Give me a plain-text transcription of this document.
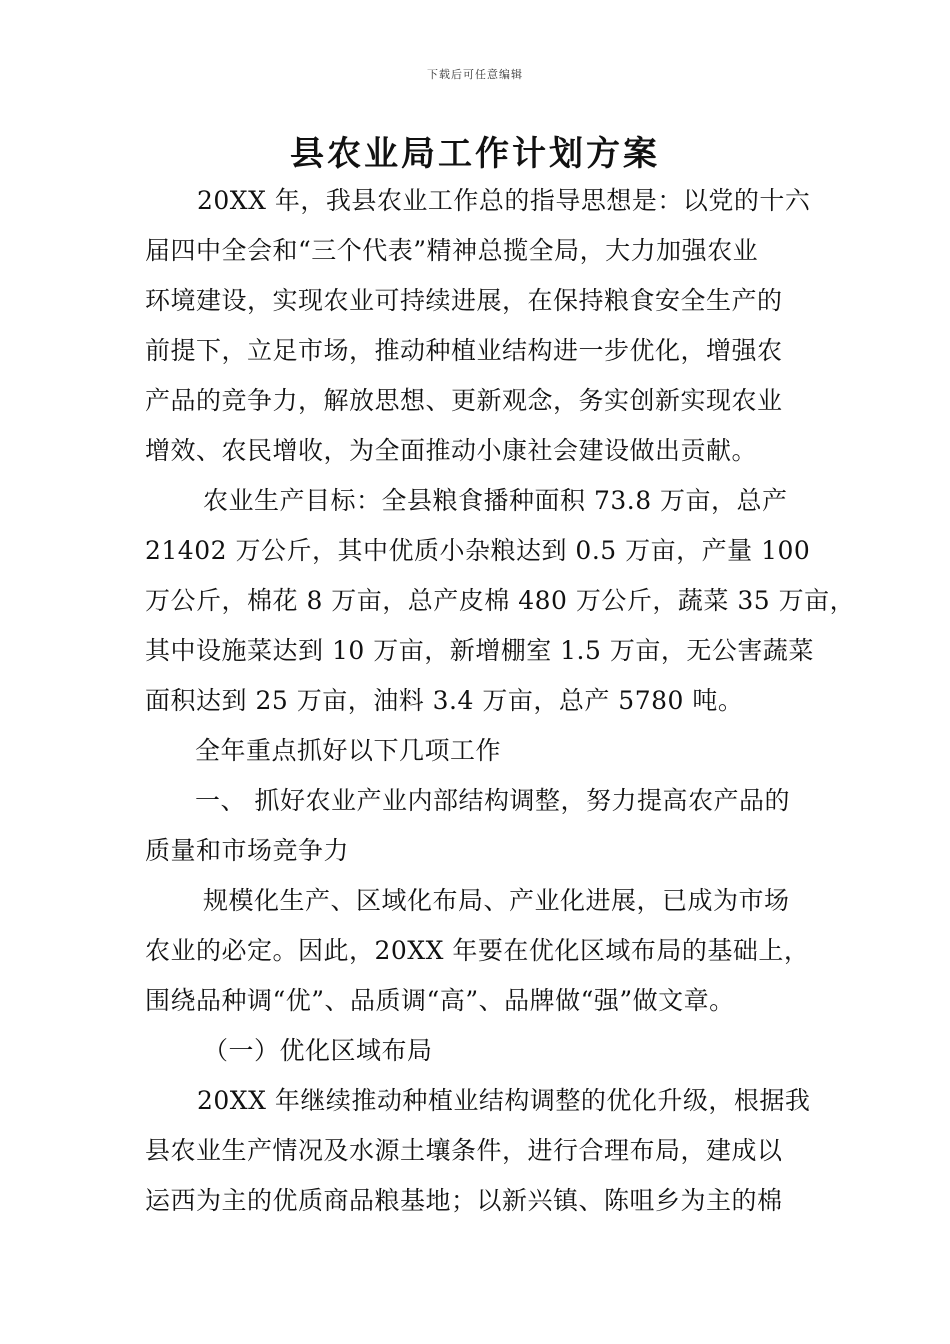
下载后可任意编辑
县农业局工作计划方案
20XX 年，我县农业工作总的指导思想是：以党的十六
届四中全会和“三个代表”精神总揽全局，大力加强农业
环境建设，实现农业可持续进展，在保持粮食安全生产的
前提下，立足市场，推动种植业结构进一步优化，增强农
产品的竞争力，解放思想、更新观念，务实创新实现农业
增效、农民增收，为全面推动小康社会建设做出贡献。
农业生产目标：全县粮食播种面积 73.8 万亩，总产
21402 万公斤，其中优质小杂粮达到 0.5 万亩，产量 100
万公斤，棉花 8 万亩，总产皮棉 480 万公斤，蔬菜 35 万亩，
其中设施菜达到 10 万亩，新增棚室 1.5 万亩，无公害蔬菜
面积达到 25 万亩，油料 3.4 万亩，总产 5780 吨。
全年重点抓好以下几项工作
一、 抓好农业产业内部结构调整，努力提高农产品的
质量和市场竞争力
规模化生产、区域化布局、产业化进展，已成为市场
农业的必定。因此，20XX 年要在优化区域布局的基础上，
围绕品种调“优”、品质调“高”、品牌做“强”做文章。
（一）优化区域布局
20XX 年继续推动种植业结构调整的优化升级，根据我
县农业生产情况及水源土壤条件，进行合理布局，建成以
运西为主的优质商品粮基地；以新兴镇、陈咀乡为主的棉
